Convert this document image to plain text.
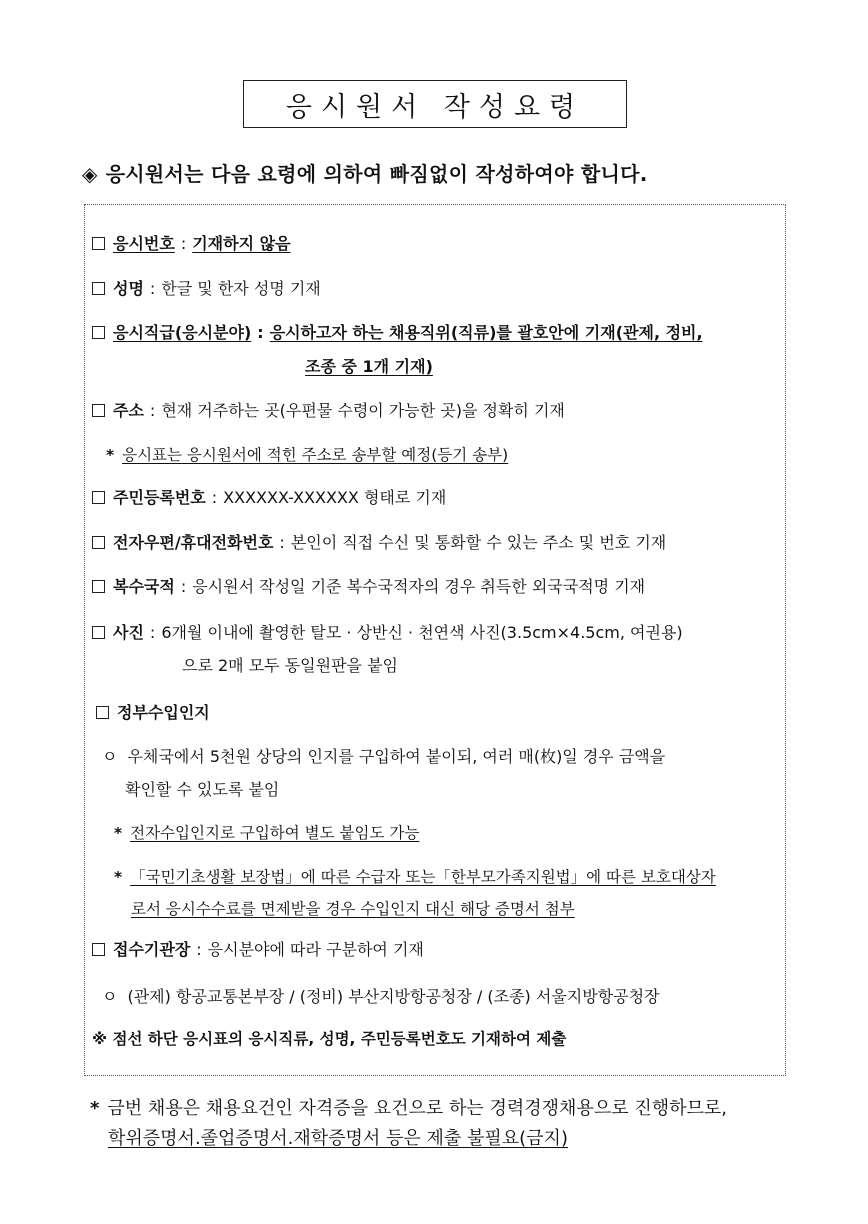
응시원서 작성요령
◈ 응시원서는 다음 요령에 의하여 빠짐없이 작성하여야 합니다.
응시번호 : 기재하지 않음
성명 : 한글 및 한자 성명 기재
응시직급(응시분야) : 응시하고자 하는 채용직위(직류)를 괄호안에 기재(관제, 정비,
조종 중 1개 기재)
주소 : 현재 거주하는 곳(우편물 수령이 가능한 곳)을 정확히 기재
* 응시표는 응시원서에 적힌 주소로 송부할 예정(등기 송부)
주민등록번호 : XXXXXX-XXXXXX 형태로 기재
전자우편/휴대전화번호 : 본인이 직접 수신 및 통화할 수 있는 주소 및 번호 기재
복수국적 : 응시원서 작성일 기준 복수국적자의 경우 취득한 외국국적명 기재
사진 : 6개월 이내에 촬영한 탈모 · 상반신 · 천연색 사진(3.5cm×4.5cm, 여권용)
으로 2매 모두 동일원판을 붙임
정부수입인지
ㅇ 우체국에서 5천원 상당의 인지를 구입하여 붙이되, 여러 매(枚)일 경우 금액을
확인할 수 있도록 붙임
* 전자수입인지로 구입하여 별도 붙임도 가능
* 「국민기초생활 보장법」에 따른 수급자 또는「한부모가족지원법」에 따른 보호대상자
로서 응시수수료를 면제받을 경우 수입인지 대신 해당 증명서 첨부
접수기관장 : 응시분야에 따라 구분하여 기재
ㅇ (관제) 항공교통본부장 / (정비) 부산지방항공청장 / (조종) 서울지방항공청장
※ 점선 하단 응시표의 응시직류, 성명, 주민등록번호도 기재하여 제출
* 금번 채용은 채용요건인 자격증을 요건으로 하는 경력경쟁채용으로 진행하므로,
학위증명서.졸업증명서.재학증명서 등은 제출 불필요(금지)
